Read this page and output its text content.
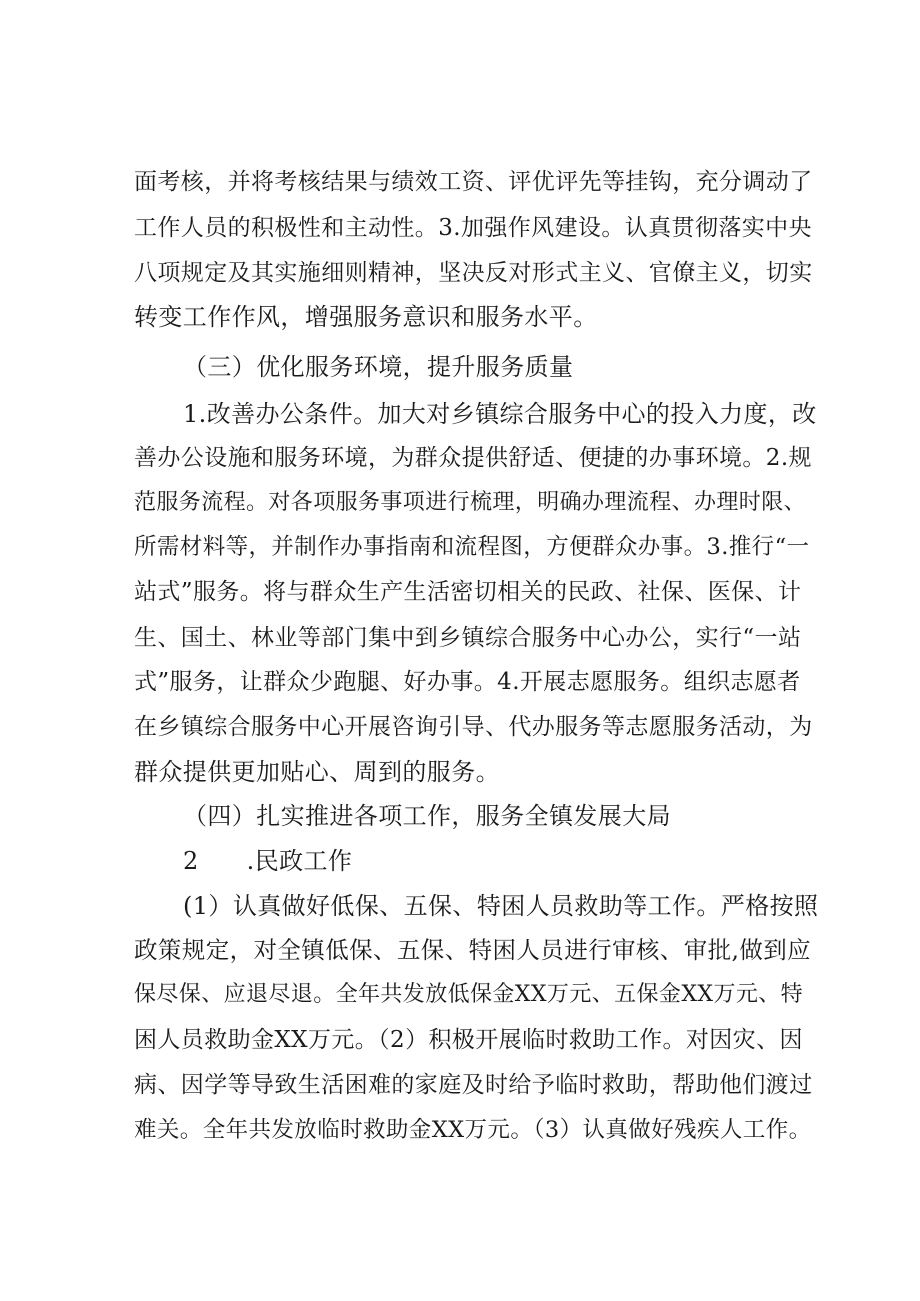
面考核，并将考核结果与绩效工资、评优评先等挂钩，充分调动了
工作人员的积极性和主动性。3.加强作风建设。认真贯彻落实中央
八项规定及其实施细则精神，坚决反对形式主义、官僚主义，切实
转变工作作风，增强服务意识和服务水平。
（三）优化服务环境，提升服务质量
1.改善办公条件。加大对乡镇综合服务中心的投入力度，改
善办公设施和服务环境，为群众提供舒适、便捷的办事环境。2.规
范服务流程。对各项服务事项进行梳理，明确办理流程、办理时限、
所需材料等，并制作办事指南和流程图，方便群众办事。3.推行“一
站式”服务。将与群众生产生活密切相关的民政、社保、医保、计
生、国土、林业等部门集中到乡镇综合服务中心办公，实行“一站
式”服务，让群众少跑腿、好办事。4.开展志愿服务。组织志愿者
在乡镇综合服务中心开展咨询引导、代办服务等志愿服务活动，为
群众提供更加贴心、周到的服务。
（四）扎实推进各项工作，服务全镇发展大局
2 .民政工作
(1）认真做好低保、五保、特困人员救助等工作。严格按照
政策规定，对全镇低保、五保、特困人员进行审核、审批,做到应
保尽保、应退尽退。全年共发放低保金XX万元、五保金XX万元、特
困人员救助金XX万元。（2）积极开展临时救助工作。对因灾、因
病、因学等导致生活困难的家庭及时给予临时救助，帮助他们渡过
难关。全年共发放临时救助金XX万元。（3）认真做好残疾人工作。
